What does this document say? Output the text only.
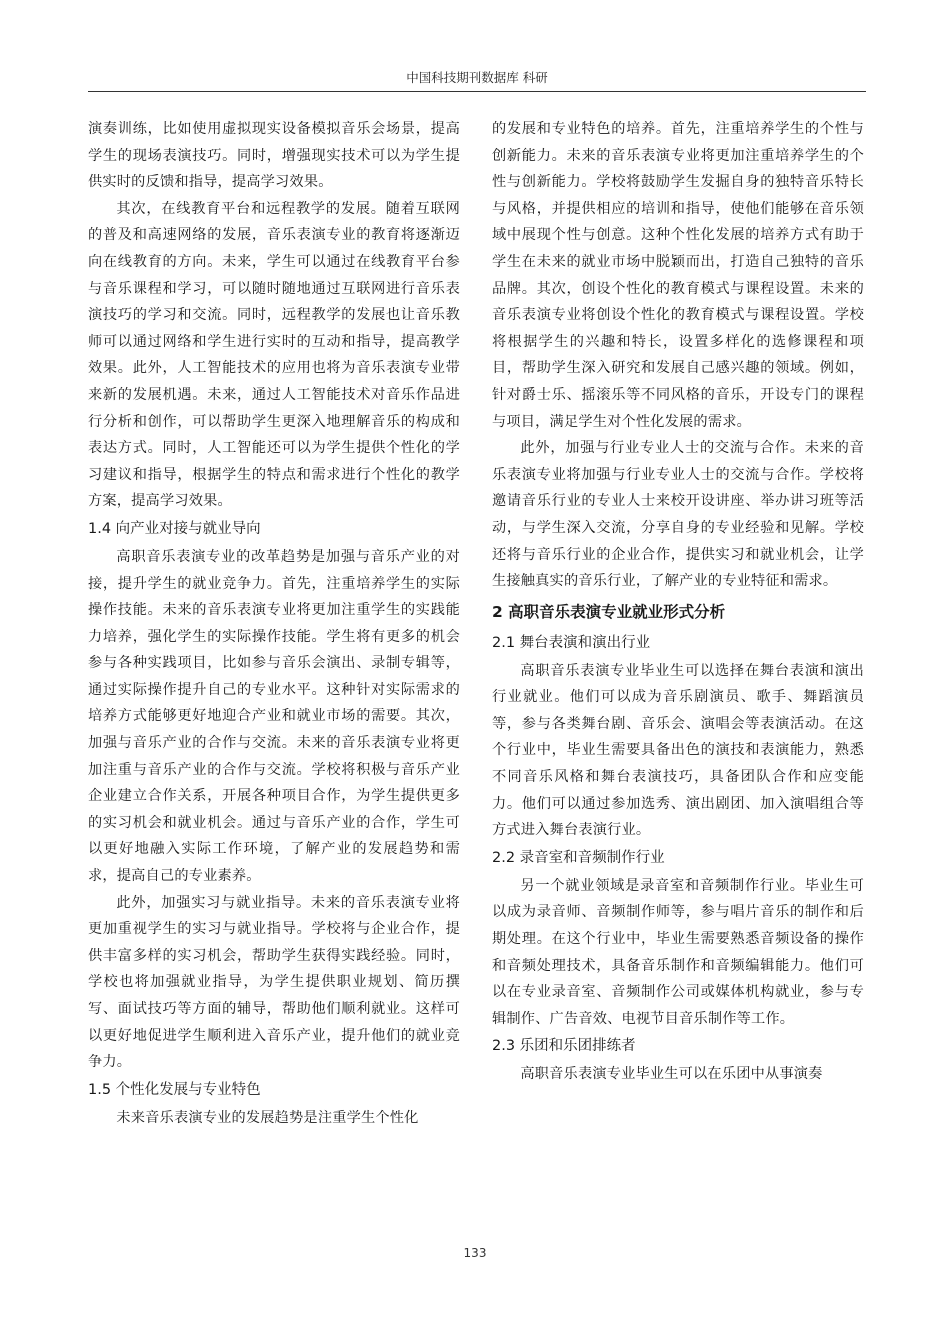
中国科技期刊数据库 科研

演奏训练，比如使用虚拟现实设备模拟音乐会场景，提高学生的现场表演技巧。同时，增强现实技术可以为学生提供实时的反馈和指导，提高学习效果。

其次，在线教育平台和远程教学的发展。随着互联网的普及和高速网络的发展，音乐表演专业的教育将逐渐迈向在线教育的方向。未来，学生可以通过在线教育平台参与音乐课程和学习，可以随时随地通过互联网进行音乐表演技巧的学习和交流。同时，远程教学的发展也让音乐教师可以通过网络和学生进行实时的互动和指导，提高教学效果。此外，人工智能技术的应用也将为音乐表演专业带来新的发展机遇。未来，通过人工智能技术对音乐作品进行分析和创作，可以帮助学生更深入地理解音乐的构成和表达方式。同时，人工智能还可以为学生提供个性化的学习建议和指导，根据学生的特点和需求进行个性化的教学方案，提高学习效果。

1.4 向产业对接与就业导向

高职音乐表演专业的改革趋势是加强与音乐产业的对接，提升学生的就业竞争力。首先，注重培养学生的实际操作技能。未来的音乐表演专业将更加注重学生的实践能力培养，强化学生的实际操作技能。学生将有更多的机会参与各种实践项目，比如参与音乐会演出、录制专辑等，通过实际操作提升自己的专业水平。这种针对实际需求的培养方式能够更好地迎合产业和就业市场的需要。其次，加强与音乐产业的合作与交流。未来的音乐表演专业将更加注重与音乐产业的合作与交流。学校将积极与音乐产业企业建立合作关系，开展各种项目合作，为学生提供更多的实习机会和就业机会。通过与音乐产业的合作，学生可以更好地融入实际工作环境，了解产业的发展趋势和需求，提高自己的专业素养。

此外，加强实习与就业指导。未来的音乐表演专业将更加重视学生的实习与就业指导。学校将与企业合作，提供丰富多样的实习机会，帮助学生获得实践经验。同时，学校也将加强就业指导，为学生提供职业规划、简历撰写、面试技巧等方面的辅导，帮助他们顺利就业。这样可以更好地促进学生顺利进入音乐产业，提升他们的就业竞争力。

1.5 个性化发展与专业特色

未来音乐表演专业的发展趋势是注重学生个性化

的发展和专业特色的培养。首先，注重培养学生的个性与创新能力。未来的音乐表演专业将更加注重培养学生的个性与创新能力。学校将鼓励学生发掘自身的独特音乐特长与风格，并提供相应的培训和指导，使他们能够在音乐领域中展现个性与创意。这种个性化发展的培养方式有助于学生在未来的就业市场中脱颖而出，打造自己独特的音乐品牌。其次，创设个性化的教育模式与课程设置。未来的音乐表演专业将创设个性化的教育模式与课程设置。学校将根据学生的兴趣和特长，设置多样化的选修课程和项目，帮助学生深入研究和发展自己感兴趣的领域。例如，针对爵士乐、摇滚乐等不同风格的音乐，开设专门的课程与项目，满足学生对个性化发展的需求。

此外，加强与行业专业人士的交流与合作。未来的音乐表演专业将加强与行业专业人士的交流与合作。学校将邀请音乐行业的专业人士来校开设讲座、举办讲习班等活动，与学生深入交流，分享自身的专业经验和见解。学校还将与音乐行业的企业合作，提供实习和就业机会，让学生接触真实的音乐行业，了解产业的专业特征和需求。

2 高职音乐表演专业就业形式分析
2.1 舞台表演和演出行业

高职音乐表演专业毕业生可以选择在舞台表演和演出行业就业。他们可以成为音乐剧演员、歌手、舞蹈演员等，参与各类舞台剧、音乐会、演唱会等表演活动。在这个行业中，毕业生需要具备出色的演技和表演能力，熟悉不同音乐风格和舞台表演技巧，具备团队合作和应变能力。他们可以通过参加选秀、演出剧团、加入演唱组合等方式进入舞台表演行业。

2.2 录音室和音频制作行业

另一个就业领域是录音室和音频制作行业。毕业生可以成为录音师、音频制作师等，参与唱片音乐的制作和后期处理。在这个行业中，毕业生需要熟悉音频设备的操作和音频处理技术，具备音乐制作和音频编辑能力。他们可以在专业录音室、音频制作公司或媒体机构就业，参与专辑制作、广告音效、电视节目音乐制作等工作。

2.3 乐团和乐团排练者

高职音乐表演专业毕业生可以在乐团中从事演奏

133
